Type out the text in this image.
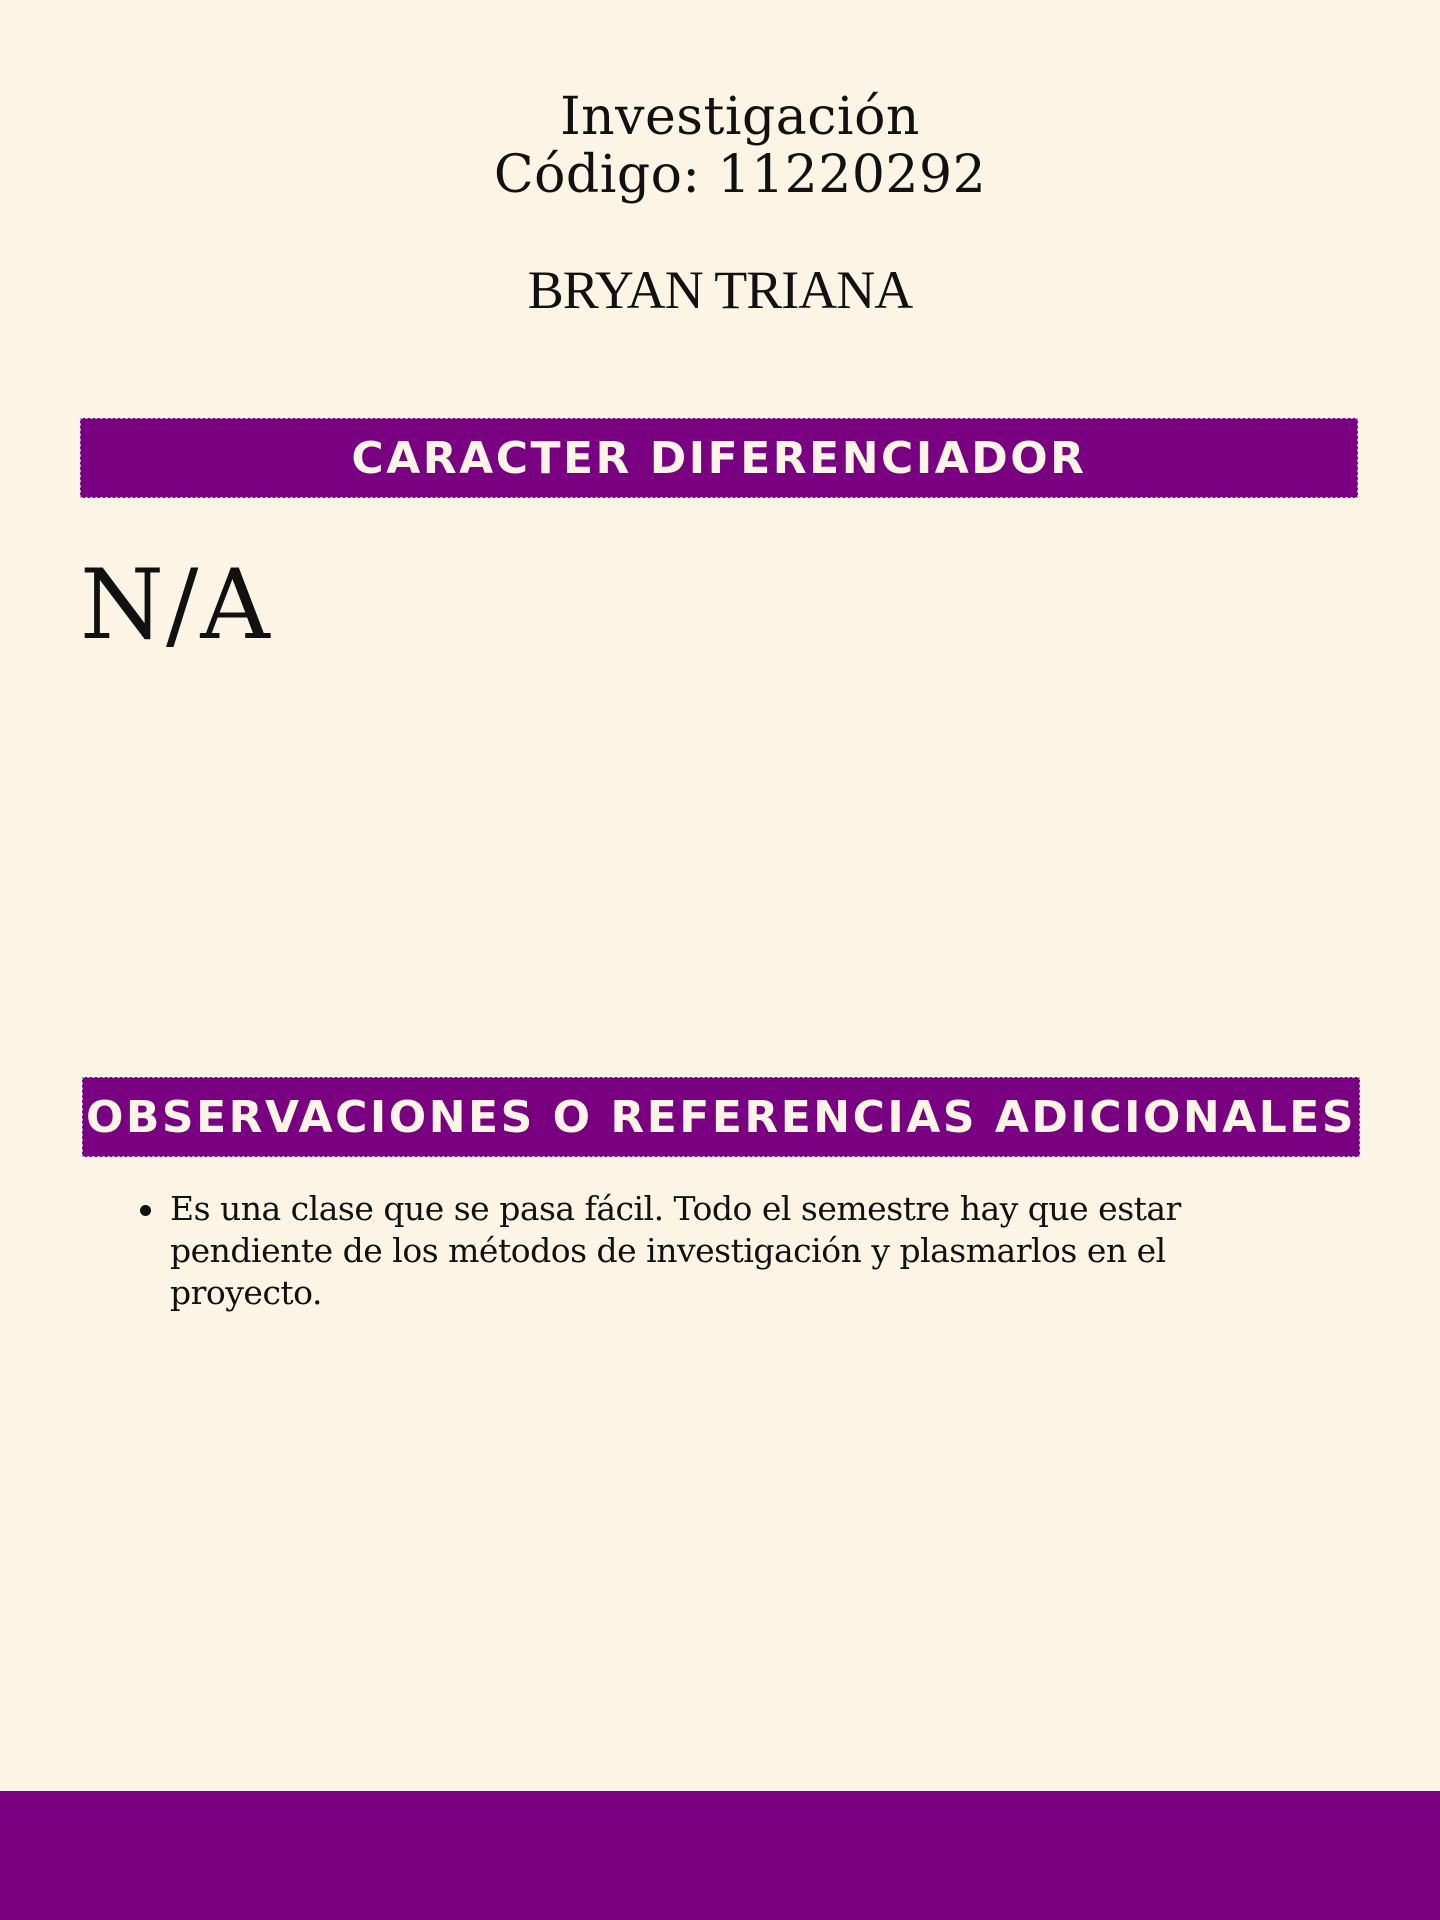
Investigación
Código: 11220292
BRYAN TRIANA
CARACTER DIFERENCIADOR
N/A
OBSERVACIONES O REFERENCIAS ADICIONALES
Es una clase que se pasa fácil. Todo el semestre hay que estar pendiente de los métodos de investigación y plasmarlos en el proyecto.
